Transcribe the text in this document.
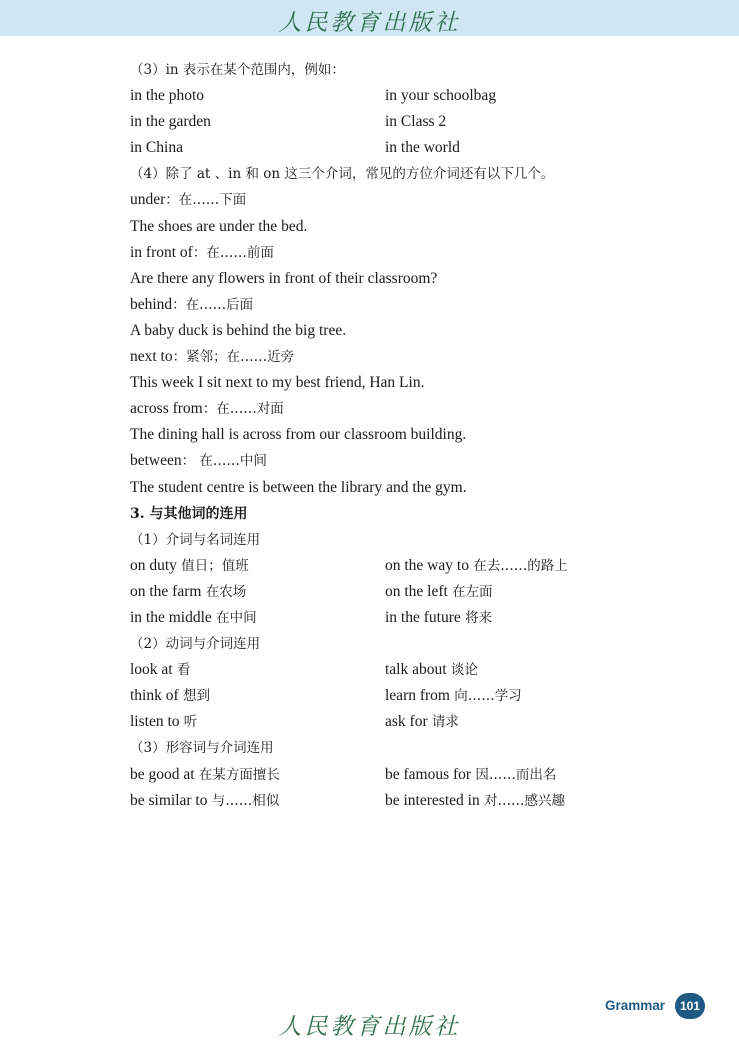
人民教育出版社
（3）in 表示在某个范围内，例如：
in the photo	in your schoolbag
in the garden	in Class 2
in China	in the world
（4）除了 at 、in 和 on 这三个介词，常见的方位介词还有以下几个。
under：在……下面
The shoes are under the bed.
in front of：在……前面
Are there any flowers in front of their classroom?
behind：在……后面
A baby duck is behind the big tree.
next to：紧邻；在……近旁
This week I sit next to my best friend, Han Lin.
across from：在……对面
The dining hall is across from our classroom building.
between： 在……中间
The student centre is between the library and the gym.
3. 与其他词的连用
（1）介词与名词连用
on duty 值日；值班	on the way to 在去……的路上
on the farm 在农场	on the left 在左面
in the middle 在中间	in the future 将来
（2）动词与介词连用
look at 看	talk about 谈论
think of 想到	learn from 向……学习
listen to 听	ask for 请求
（3）形容词与介词连用
be good at 在某方面擅长	be famous for 因……而出名
be similar to 与……相似	be interested in 对……感兴趣
Grammar	101
人民教育出版社
